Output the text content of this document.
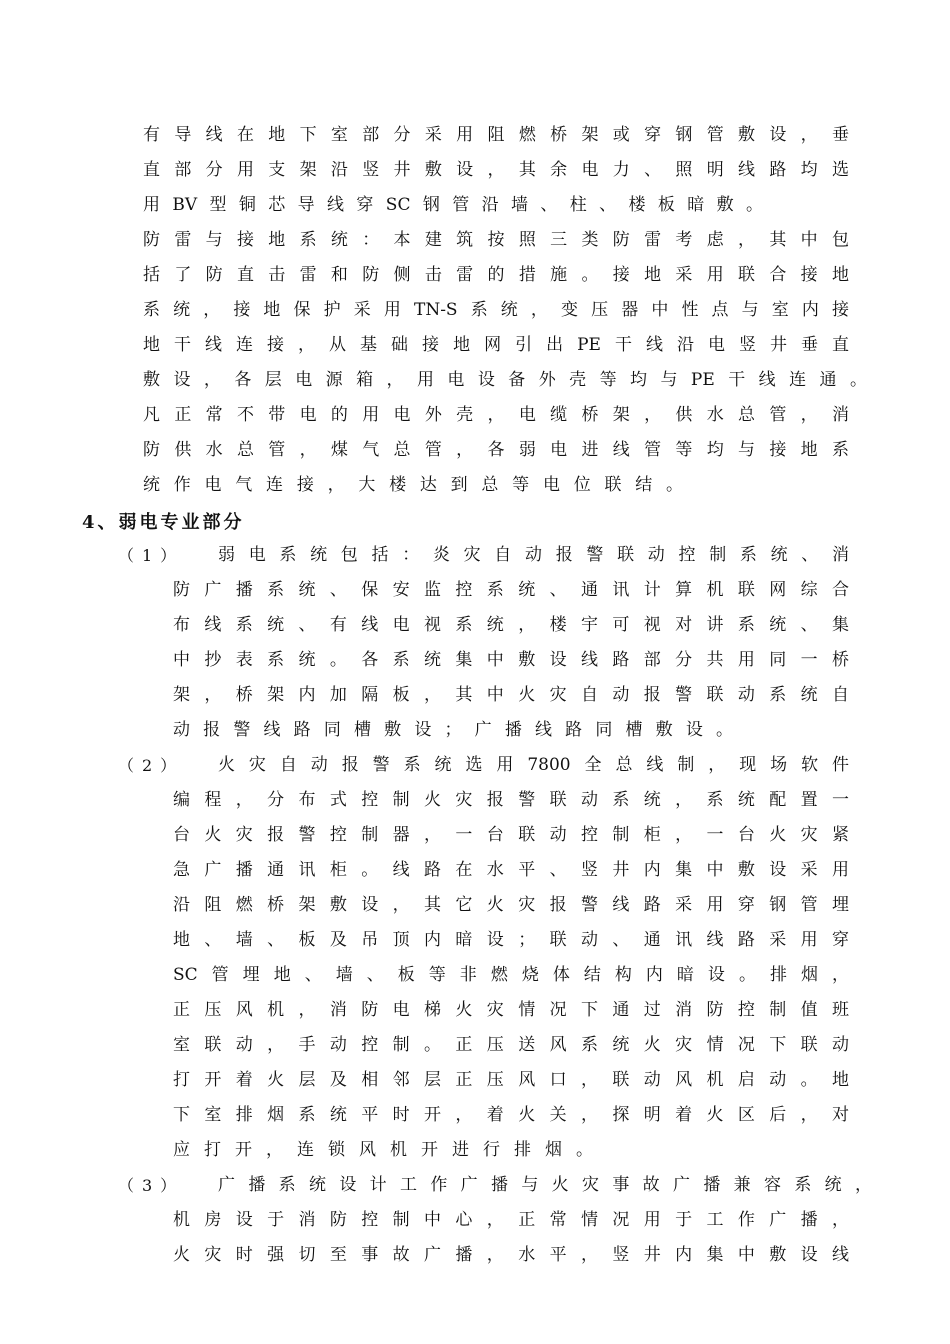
有导线在地下室部分采用阻燃桥架或穿钢管敷设，垂
直部分用支架沿竖井敷设，其余电力、照明线路均选
用BV型铜芯导线穿SC钢管沿墙、柱、楼板暗敷。
防雷与接地系统：本建筑按照三类防雷考虑，其中包
括了防直击雷和防侧击雷的措施。接地采用联合接地
系统，接地保护采用TN-S系统，变压器中性点与室内接
地干线连接，从基础接地网引出PE干线沿电竖井垂直
敷设，各层电源箱，用电设备外壳等均与PE干线连通。
凡正常不带电的用电外壳，电缆桥架，供水总管，消
防供水总管，煤气总管，各弱电进线管等均与接地系
统作电气连接，大楼达到总等电位联结。
4、弱电专业部分
（1） 弱电系统包括：炎灾自动报警联动控制系统、消
防广播系统、保安监控系统、通讯计算机联网综合
布线系统、有线电视系统，楼宇可视对讲系统、集
中抄表系统。各系统集中敷设线路部分共用同一桥
架，桥架内加隔板，其中火灾自动报警联动系统自
动报警线路同槽敷设；广播线路同槽敷设。
（2） 火灾自动报警系统选用7800全总线制，现场软件
编程，分布式控制火灾报警联动系统，系统配置一
台火灾报警控制器，一台联动控制柜，一台火灾紧
急广播通讯柜。线路在水平、竖井内集中敷设采用
沿阻燃桥架敷设，其它火灾报警线路采用穿钢管埋
地、墙、板及吊顶内暗设；联动、通讯线路采用穿
SC管埋地、墙、板等非燃烧体结构内暗设。排烟，
正压风机，消防电梯火灾情况下通过消防控制值班
室联动，手动控制。正压送风系统火灾情况下联动
打开着火层及相邻层正压风口，联动风机启动。地
下室排烟系统平时开，着火关，探明着火区后，对
应打开，连锁风机开进行排烟。
（3） 广播系统设计工作广播与火灾事故广播兼容系统，
机房设于消防控制中心，正常情况用于工作广播，
火灾时强切至事故广播，水平，竖井内集中敷设线
